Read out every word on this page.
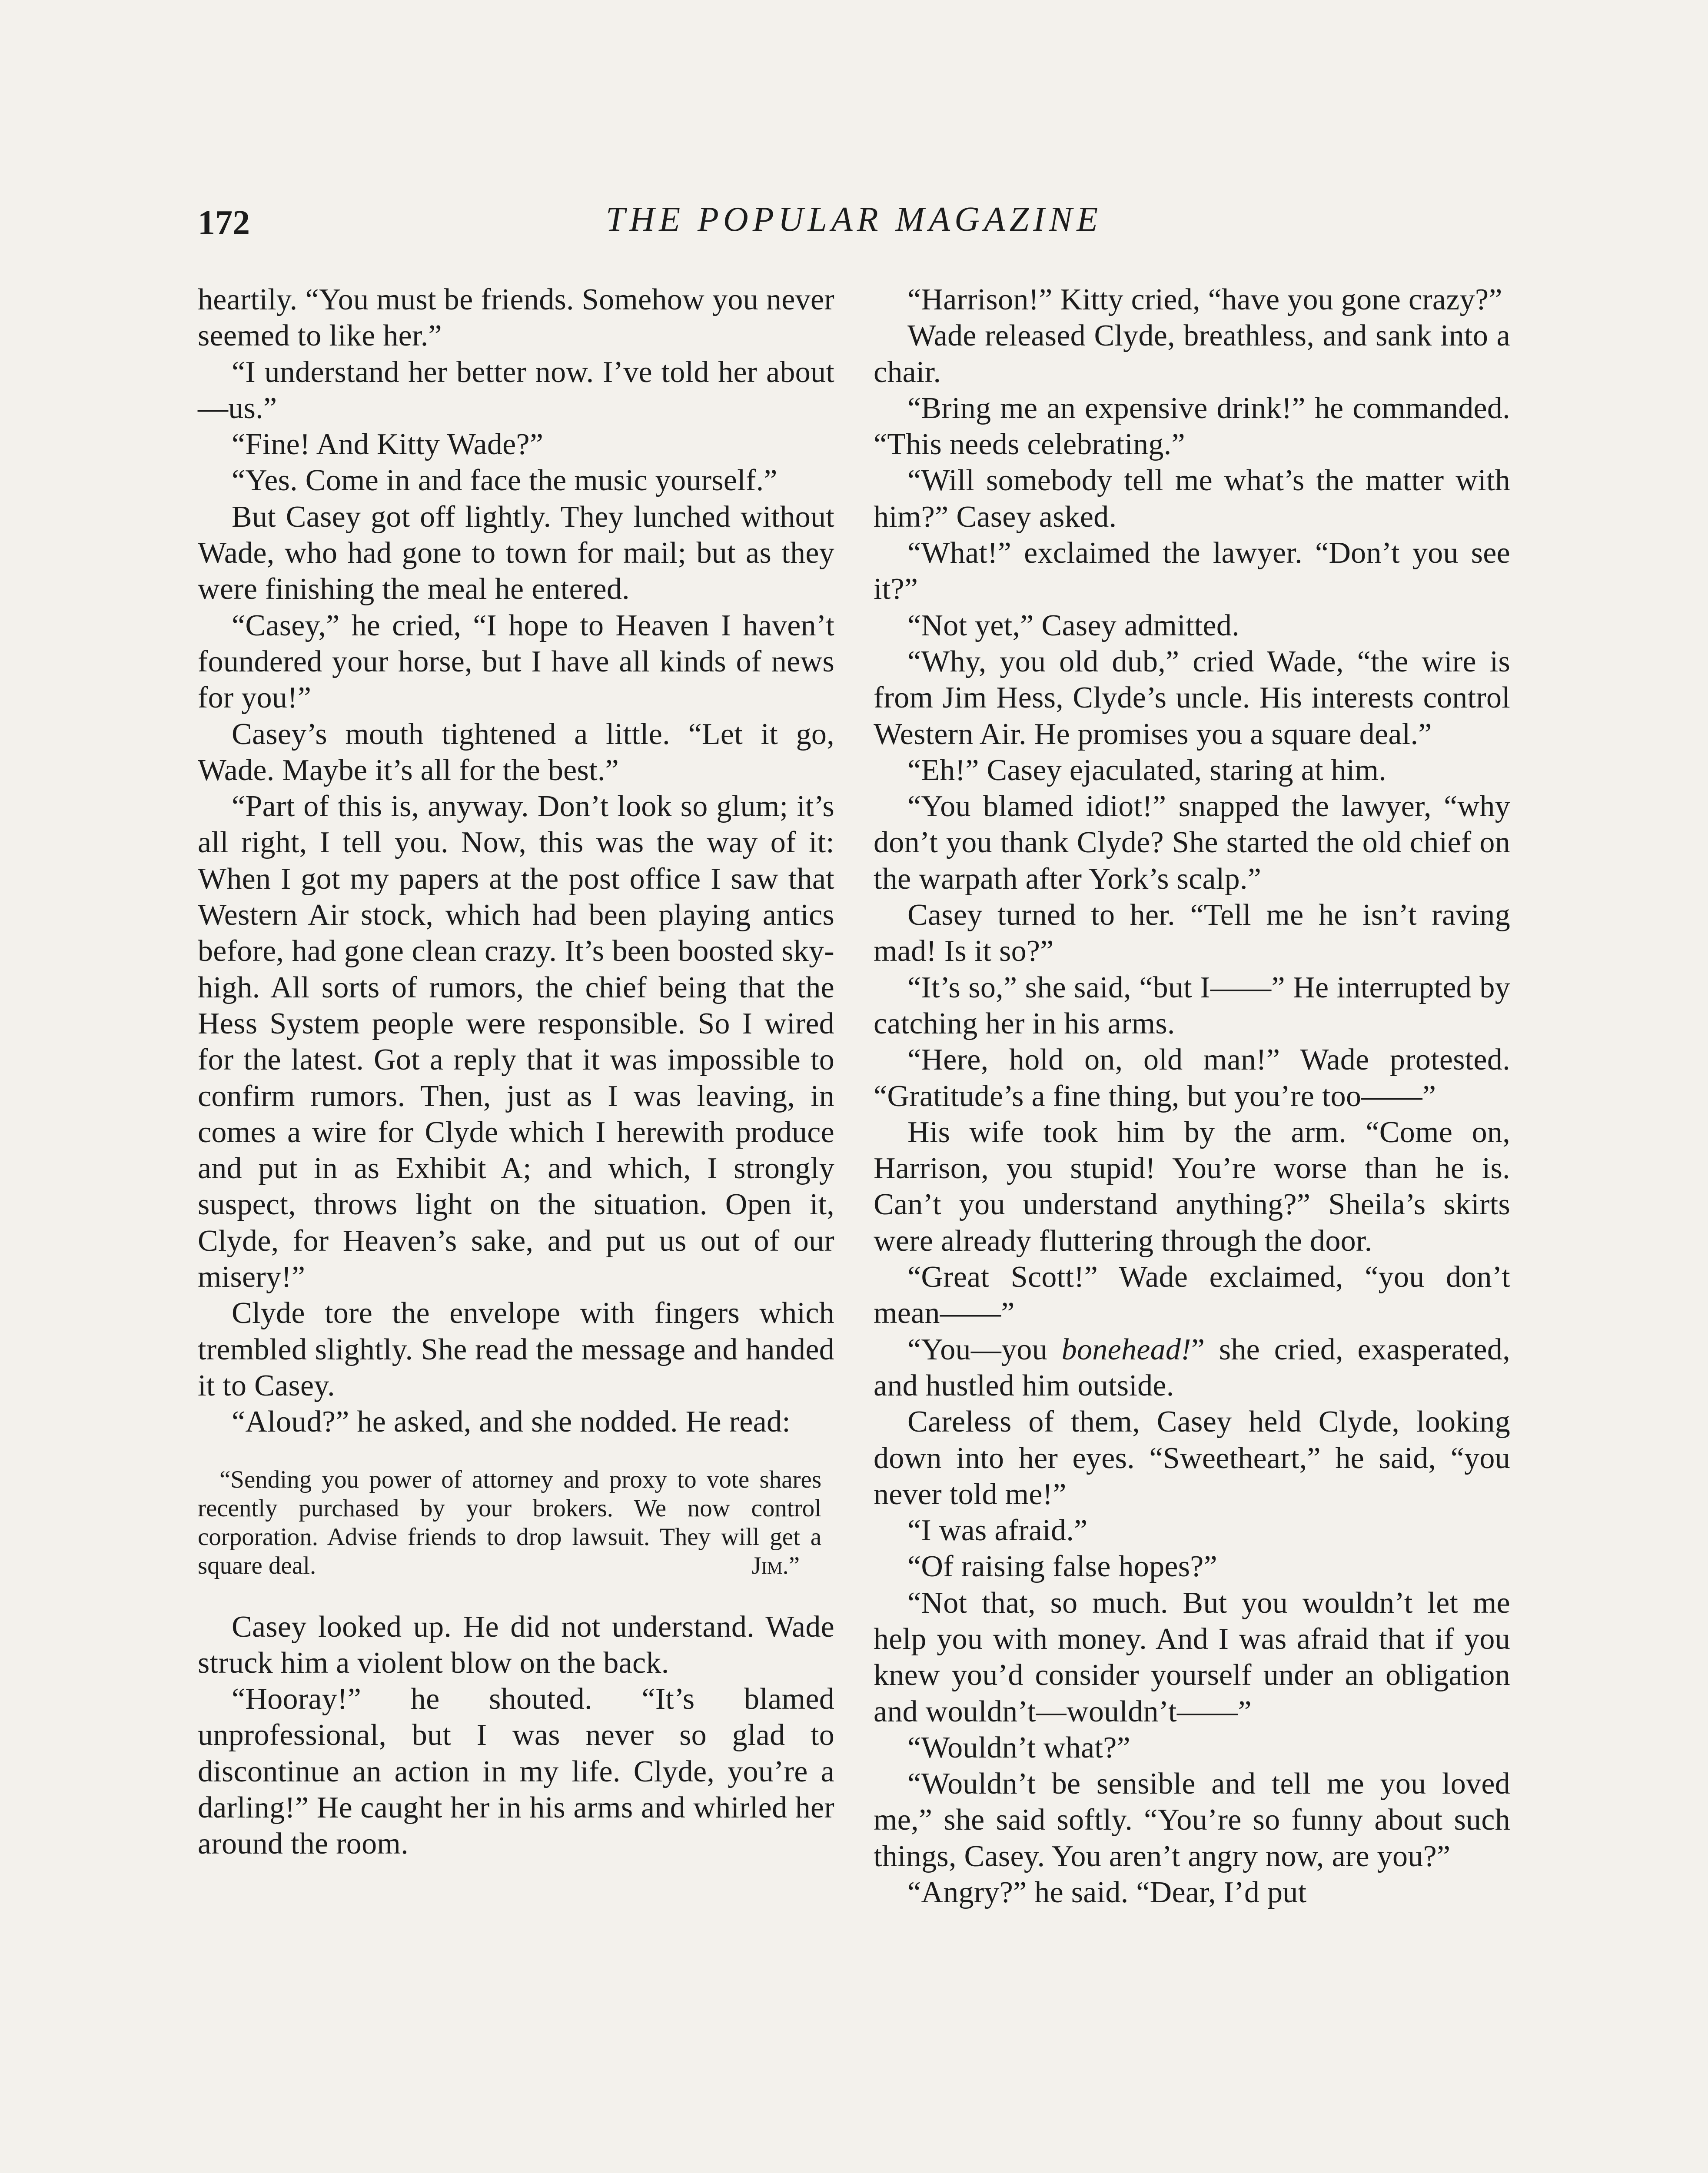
172	THE POPULAR MAGAZINE

heartily. “You must be friends. Somehow you never seemed to like her.”

“I understand her better now. I’ve told her about—us.”

“Fine! And Kitty Wade?”

“Yes. Come in and face the music yourself.”

But Casey got off lightly. They lunched without Wade, who had gone to town for mail; but as they were finishing the meal he entered.

“Casey,” he cried, “I hope to Heaven I haven’t foundered your horse, but I have all kinds of news for you!”

Casey’s mouth tightened a little. “Let it go, Wade. Maybe it’s all for the best.”

“Part of this is, anyway. Don’t look so glum; it’s all right, I tell you. Now, this was the way of it: When I got my papers at the post office I saw that Western Air stock, which had been playing antics before, had gone clean crazy. It’s been boosted sky-high. All sorts of rumors, the chief being that the Hess System people were responsible. So I wired for the latest. Got a reply that it was impossible to confirm rumors. Then, just as I was leaving, in comes a wire for Clyde which I herewith produce and put in as Exhibit A; and which, I strongly suspect, throws light on the situation. Open it, Clyde, for Heaven’s sake, and put us out of our misery!”

Clyde tore the envelope with fingers which trembled slightly. She read the message and handed it to Casey.

“Aloud?” he asked, and she nodded. He read:

“Sending you power of attorney and proxy to vote shares recently purchased by your brokers. We now control corporation. Advise friends to drop lawsuit. They will get a square deal.	Jim.”

Casey looked up. He did not understand. Wade struck him a violent blow on the back.

“Hooray!” he shouted. “It’s blamed unprofessional, but I was never so glad to discontinue an action in my life. Clyde, you’re a darling!” He caught her in his arms and whirled her around the room.

“Harrison!” Kitty cried, “have you gone crazy?”

Wade released Clyde, breathless, and sank into a chair.

“Bring me an expensive drink!” he commanded. “This needs celebrating.”

“Will somebody tell me what’s the matter with him?” Casey asked.

“What!” exclaimed the lawyer. “Don’t you see it?”

“Not yet,” Casey admitted.

“Why, you old dub,” cried Wade, “the wire is from Jim Hess, Clyde’s uncle. His interests control Western Air. He promises you a square deal.”

“Eh!” Casey ejaculated, staring at him.

“You blamed idiot!” snapped the lawyer, “why don’t you thank Clyde? She started the old chief on the warpath after York’s scalp.”

Casey turned to her. “Tell me he isn’t raving mad! Is it so?”

“It’s so,” she said, “but I——” He interrupted by catching her in his arms.

“Here, hold on, old man!” Wade protested. “Gratitude’s a fine thing, but you’re too——”

His wife took him by the arm. “Come on, Harrison, you stupid! You’re worse than he is. Can’t you understand anything?” Sheila’s skirts were already fluttering through the door.

“Great Scott!” Wade exclaimed, “you don’t mean——”

“You—you bonehead!” she cried, exasperated, and hustled him outside.

Careless of them, Casey held Clyde, looking down into her eyes. “Sweetheart,” he said, “you never told me!”

“I was afraid.”

“Of raising false hopes?”

“Not that, so much. But you wouldn’t let me help you with money. And I was afraid that if you knew you’d consider yourself under an obligation and wouldn’t—wouldn’t——”

“Wouldn’t what?”

“Wouldn’t be sensible and tell me you loved me,” she said softly. “You’re so funny about such things, Casey. You aren’t angry now, are you?”

“Angry?” he said. “Dear, I’d put
